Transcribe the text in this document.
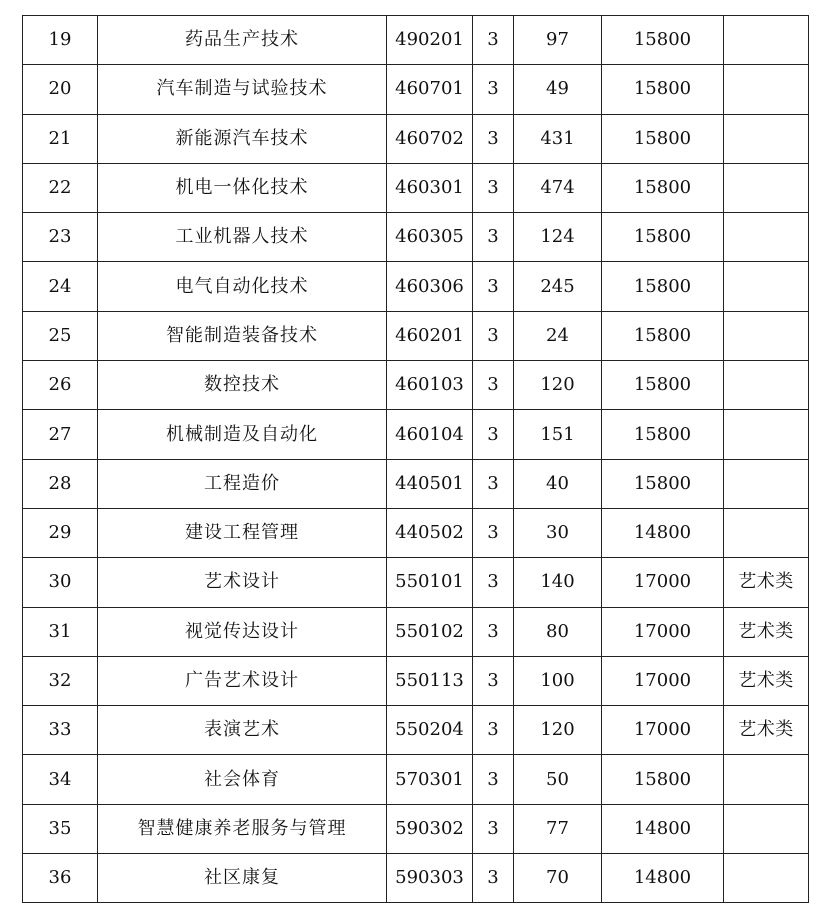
19	药品生产技术	490201	3	97	15800	
20	汽车制造与试验技术	460701	3	49	15800	
21	新能源汽车技术	460702	3	431	15800	
22	机电一体化技术	460301	3	474	15800	
23	工业机器人技术	460305	3	124	15800	
24	电气自动化技术	460306	3	245	15800	
25	智能制造装备技术	460201	3	24	15800	
26	数控技术	460103	3	120	15800	
27	机械制造及自动化	460104	3	151	15800	
28	工程造价	440501	3	40	15800	
29	建设工程管理	440502	3	30	14800	
30	艺术设计	550101	3	140	17000	艺术类
31	视觉传达设计	550102	3	80	17000	艺术类
32	广告艺术设计	550113	3	100	17000	艺术类
33	表演艺术	550204	3	120	17000	艺术类
34	社会体育	570301	3	50	15800	
35	智慧健康养老服务与管理	590302	3	77	14800	
36	社区康复	590303	3	70	14800	
